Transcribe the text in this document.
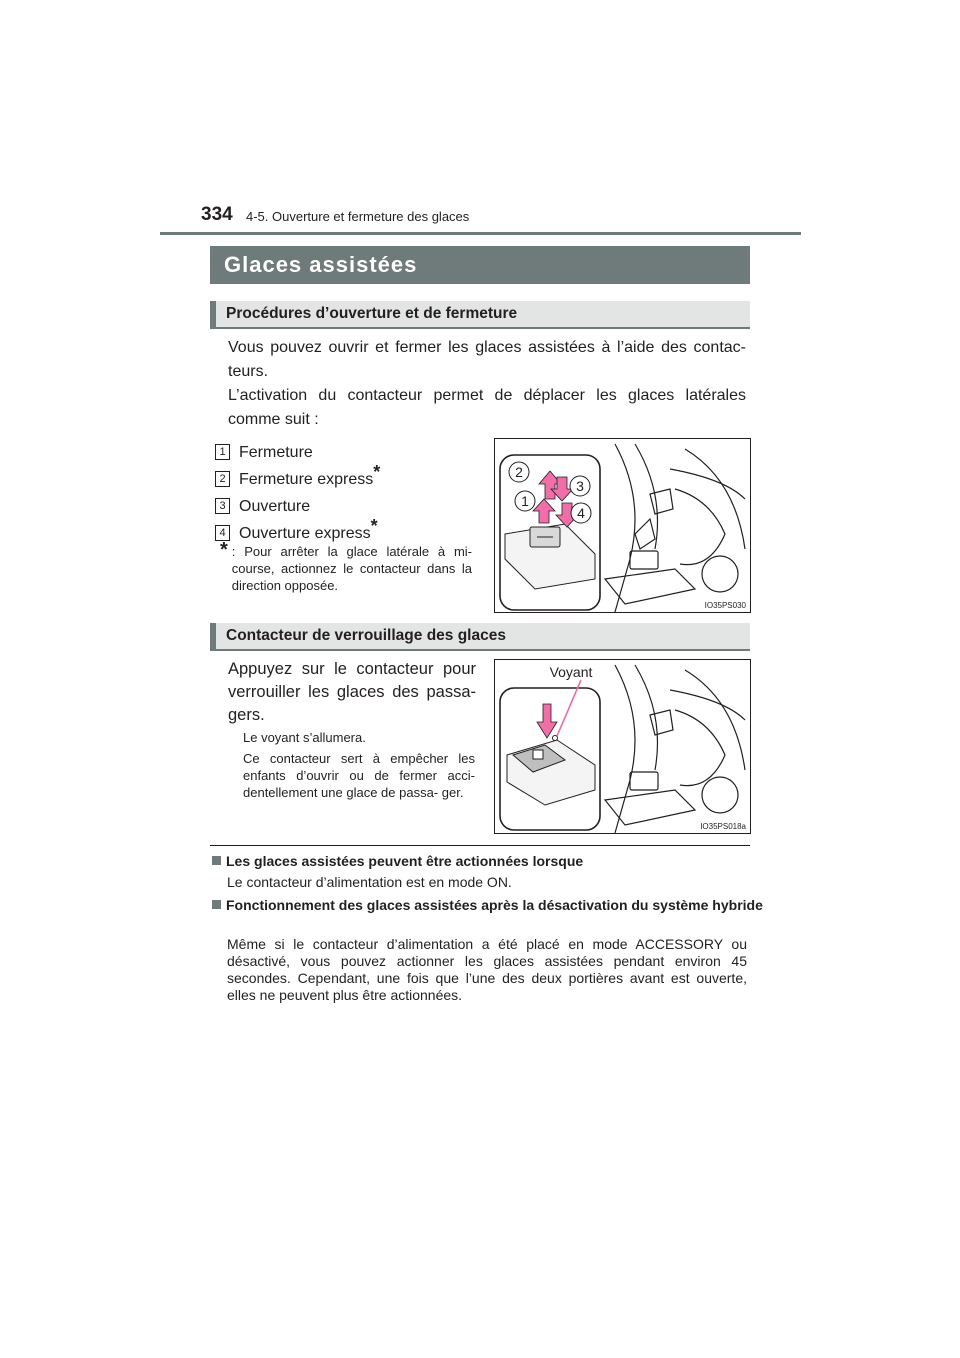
334 4-5. Ouverture et fermeture des glaces
Glaces assistées
Procédures d’ouverture et de fermeture
Vous pouvez ouvrir et fermer les glaces assistées à l’aide des contac- teurs.
L’activation du contacteur permet de déplacer les glaces latérales comme suit :
1 Fermeture
2 Fermeture express*
3 Ouverture
4 Ouverture express*
* : Pour arrêter la glace latérale à mi- course, actionnez le contacteur dans la direction opposée.
2
1
3
4
IO35PS030
Contacteur de verrouillage des glaces
Appuyez sur le contacteur pour verrouiller les glaces des passa- gers.
Le voyant s’allumera.
Ce contacteur sert à empêcher les enfants d’ouvrir ou de fermer acci- dentellement une glace de passa- ger.
Voyant
IO35PS018a
Les glaces assistées peuvent être actionnées lorsque
Le contacteur d’alimentation est en mode ON.
Fonctionnement des glaces assistées après la désactivation du système hybride
Même si le contacteur d’alimentation a été placé en mode ACCESSORY ou désactivé, vous pouvez actionner les glaces assistées pendant environ 45 secondes. Cependant, une fois que l’une des deux portières avant est ouverte, elles ne peuvent plus être actionnées.
